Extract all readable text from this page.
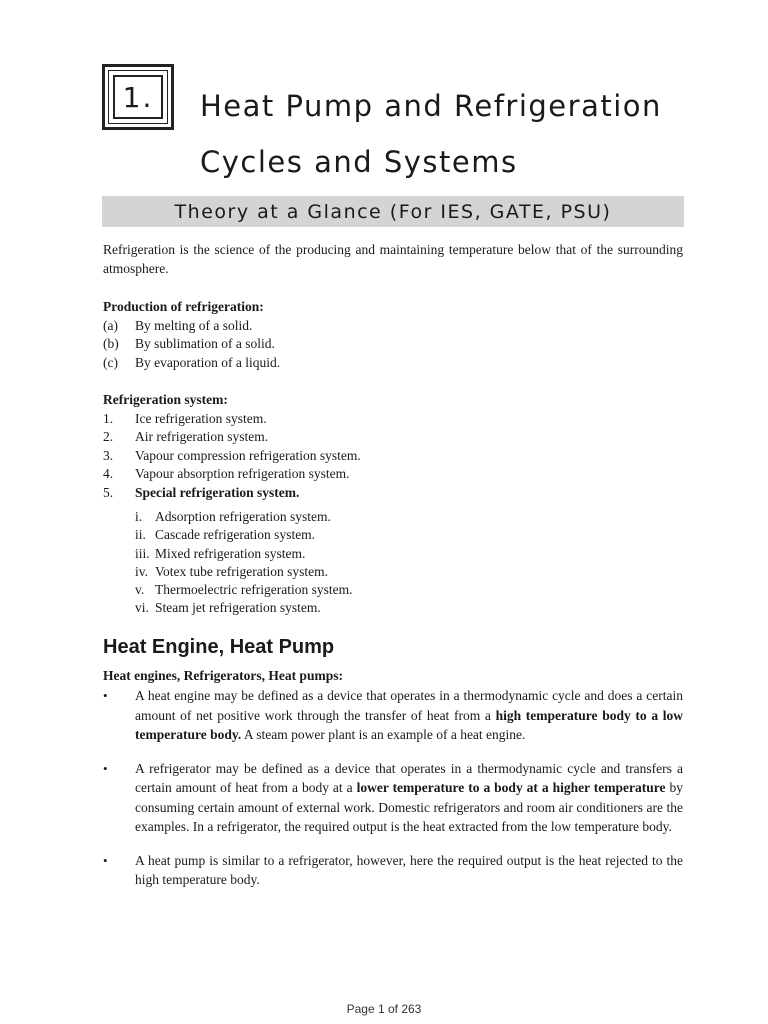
1.	Heat Pump and Refrigeration
Cycles and Systems
Theory at a Glance (For IES, GATE, PSU)

Refrigeration is the science of the producing and maintaining temperature below that of the surrounding atmosphere.

Production of refrigeration:
(a)	By melting of a solid.
(b)	By sublimation of a solid.
(c)	By evaporation of a liquid.
Refrigeration system:
1.	Ice refrigeration system.
2.	Air refrigeration system.
3.	Vapour compression refrigeration system.
4.	Vapour absorption refrigeration system.
5.	Special refrigeration system.
i. Adsorption refrigeration system.
ii. Cascade refrigeration system.
iii. Mixed refrigeration system.
iv. Votex tube refrigeration system.
v. Thermoelectric refrigeration system.
vi. Steam jet refrigeration system.
Heat Engine, Heat Pump
Heat engines, Refrigerators, Heat pumps:
•	A heat engine may be defined as a device that operates in a thermodynamic cycle and does a certain amount of net positive work through the transfer of heat from a high temperature body to a low temperature body. A steam power plant is an example of a heat engine.
•	A refrigerator may be defined as a device that operates in a thermodynamic cycle and transfers a certain amount of heat from a body at a lower temperature to a body at a higher temperature by consuming certain amount of external work. Domestic refrigerators and room air conditioners are the examples. In a refrigerator, the required output is the heat extracted from the low temperature body.
•	A heat pump is similar to a refrigerator, however, here the required output is the heat rejected to the high temperature body.
Page 1 of 263
